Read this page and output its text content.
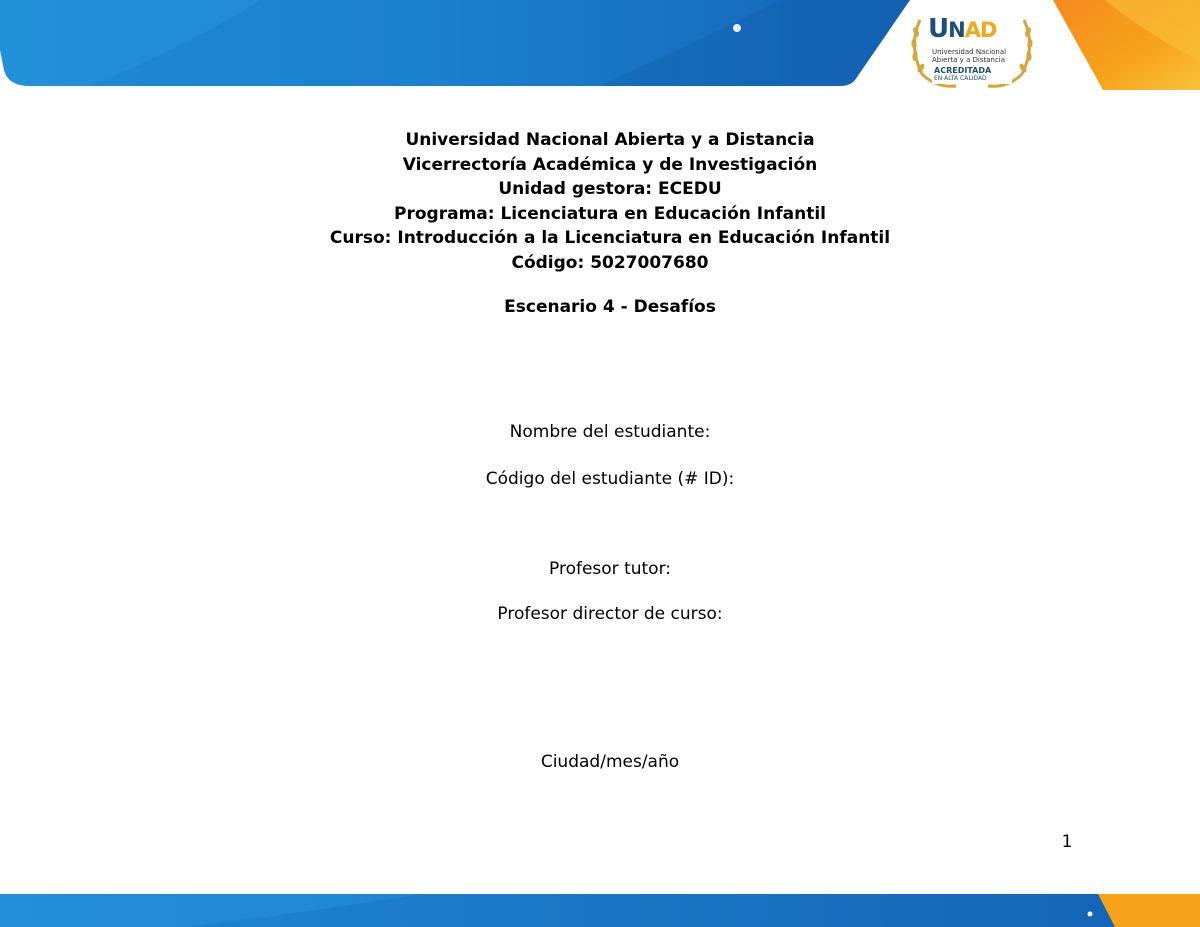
UNAD
Universidad Nacional
Abierta y a Distancia
ACREDITADA
EN ALTA CALIDAD

Universidad Nacional Abierta y a Distancia

Vicerrectoría Académica y de Investigación

Unidad gestora: ECEDU

Programa: Licenciatura en Educación Infantil

Curso: Introducción a la Licenciatura en Educación Infantil

Código: 5027007680

Escenario 4 - Desafíos
Nombre del estudiante:
Código del estudiante (# ID):
Profesor tutor:
Profesor director de curso:
Ciudad/mes/año
1
